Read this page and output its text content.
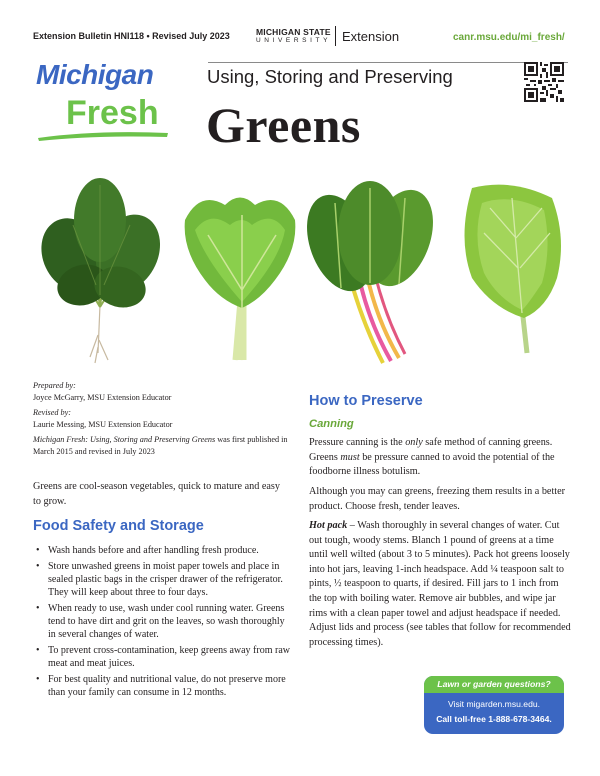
Extension Bulletin HNI118 • Revised July 2023	MICHIGAN STATE
UNIVERSITY Extension	canr.msu.edu/mi_fresh/
Michigan
Fresh
Using, Storing and Preserving
Greens
Prepared by:
Joyce McGarry, MSU Extension Educator
Revised by:
Laurie Messing, MSU Extension Educator
Michigan Fresh: Using, Storing and Preserving Greens was first published in March 2015 and revised in July 2023
Greens are cool-season vegetables, quick to mature and easy to grow.
Food Safety and Storage
• Wash hands before and after handling fresh produce.
• Store unwashed greens in moist paper towels and place in sealed plastic bags in the crisper drawer of the refrigerator. They will keep about three to four days.
• When ready to use, wash under cool running water. Greens tend to have dirt and grit on the leaves, so wash thoroughly in several changes of water.
• To prevent cross-contamination, keep greens away from raw meat and meat juices.
• For best quality and nutritional value, do not preserve more than your family can consume in 12 months.
How to Preserve
Canning
Pressure canning is the only safe method of canning greens. Greens must be pressure canned to avoid the potential of the foodborne illness botulism.
Although you may can greens, freezing them results in a better product. Choose fresh, tender leaves.
Hot pack – Wash thoroughly in several changes of water. Cut out tough, woody stems. Blanch 1 pound of greens at a time until well wilted (about 3 to 5 minutes). Pack hot greens loosely into hot jars, leaving 1-inch headspace. Add ¼ teaspoon salt to pints, ½ teaspoon to quarts, if desired. Fill jars to 1 inch from the top with boiling water. Remove air bubbles, and wipe jar rims with a clean paper towel and adjust headspace if needed. Adjust lids and process (see tables that follow for recommended processing times).
Lawn or garden questions?
Visit migarden.msu.edu.
Call toll-free 1-888-678-3464.
